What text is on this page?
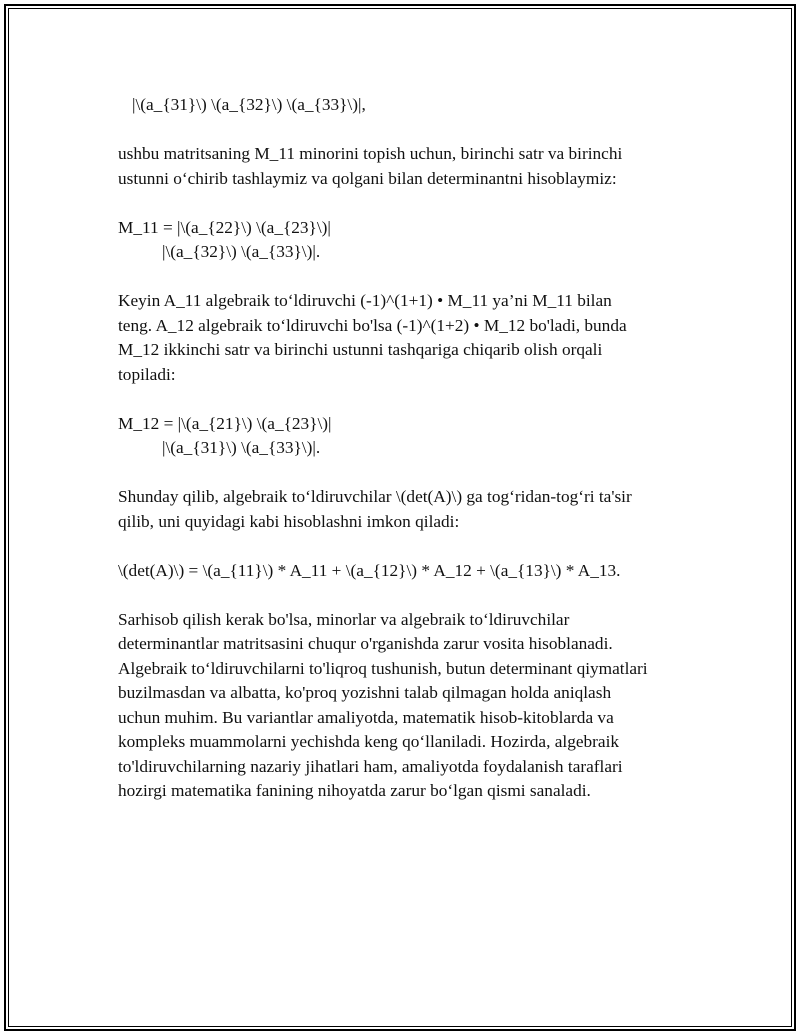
|\(a_{31}\) \(a_{32}\) \(a_{33}\)|,
ushbu matritsaning M_11 minorini topish uchun, birinchi satr va birinchi
ustunni o‘chirib tashlaymiz va qolgani bilan determinantni hisoblaymiz:
M_11 = |\(a_{22}\) \(a_{23}\)|
|\(a_{32}\) \(a_{33}\)|.
Keyin A_11 algebraik to‘ldiruvchi (-1)^(1+1) • M_11 ya’ni M_11 bilan
teng. A_12 algebraik to‘ldiruvchi bo'lsa (-1)^(1+2) • M_12 bo'ladi, bunda
M_12 ikkinchi satr va birinchi ustunni tashqariga chiqarib olish orqali
topiladi:
M_12 = |\(a_{21}\) \(a_{23}\)|
|\(a_{31}\) \(a_{33}\)|.
Shunday qilib, algebraik to‘ldiruvchilar \(det(A)\) ga tog‘ridan-tog‘ri ta'sir
qilib, uni quyidagi kabi hisoblashni imkon qiladi:
\(det(A)\) = \(a_{11}\) * A_11 + \(a_{12}\) * A_12 + \(a_{13}\) * A_13.
Sarhisob qilish kerak bo'lsa, minorlar va algebraik to‘ldiruvchilar
determinantlar matritsasini chuqur o'rganishda zarur vosita hisoblanadi.
Algebraik to‘ldiruvchilarni to'liqroq tushunish, butun determinant qiymatlari
buzilmasdan va albatta, ko'proq yozishni talab qilmagan holda aniqlash
uchun muhim. Bu variantlar amaliyotda, matematik hisob-kitoblarda va
kompleks muammolarni yechishda keng qo‘llaniladi. Hozirda, algebraik
to'ldiruvchilarning nazariy jihatlari ham, amaliyotda foydalanish taraflari
hozirgi matematika fanining nihoyatda zarur bo‘lgan qismi sanaladi.
